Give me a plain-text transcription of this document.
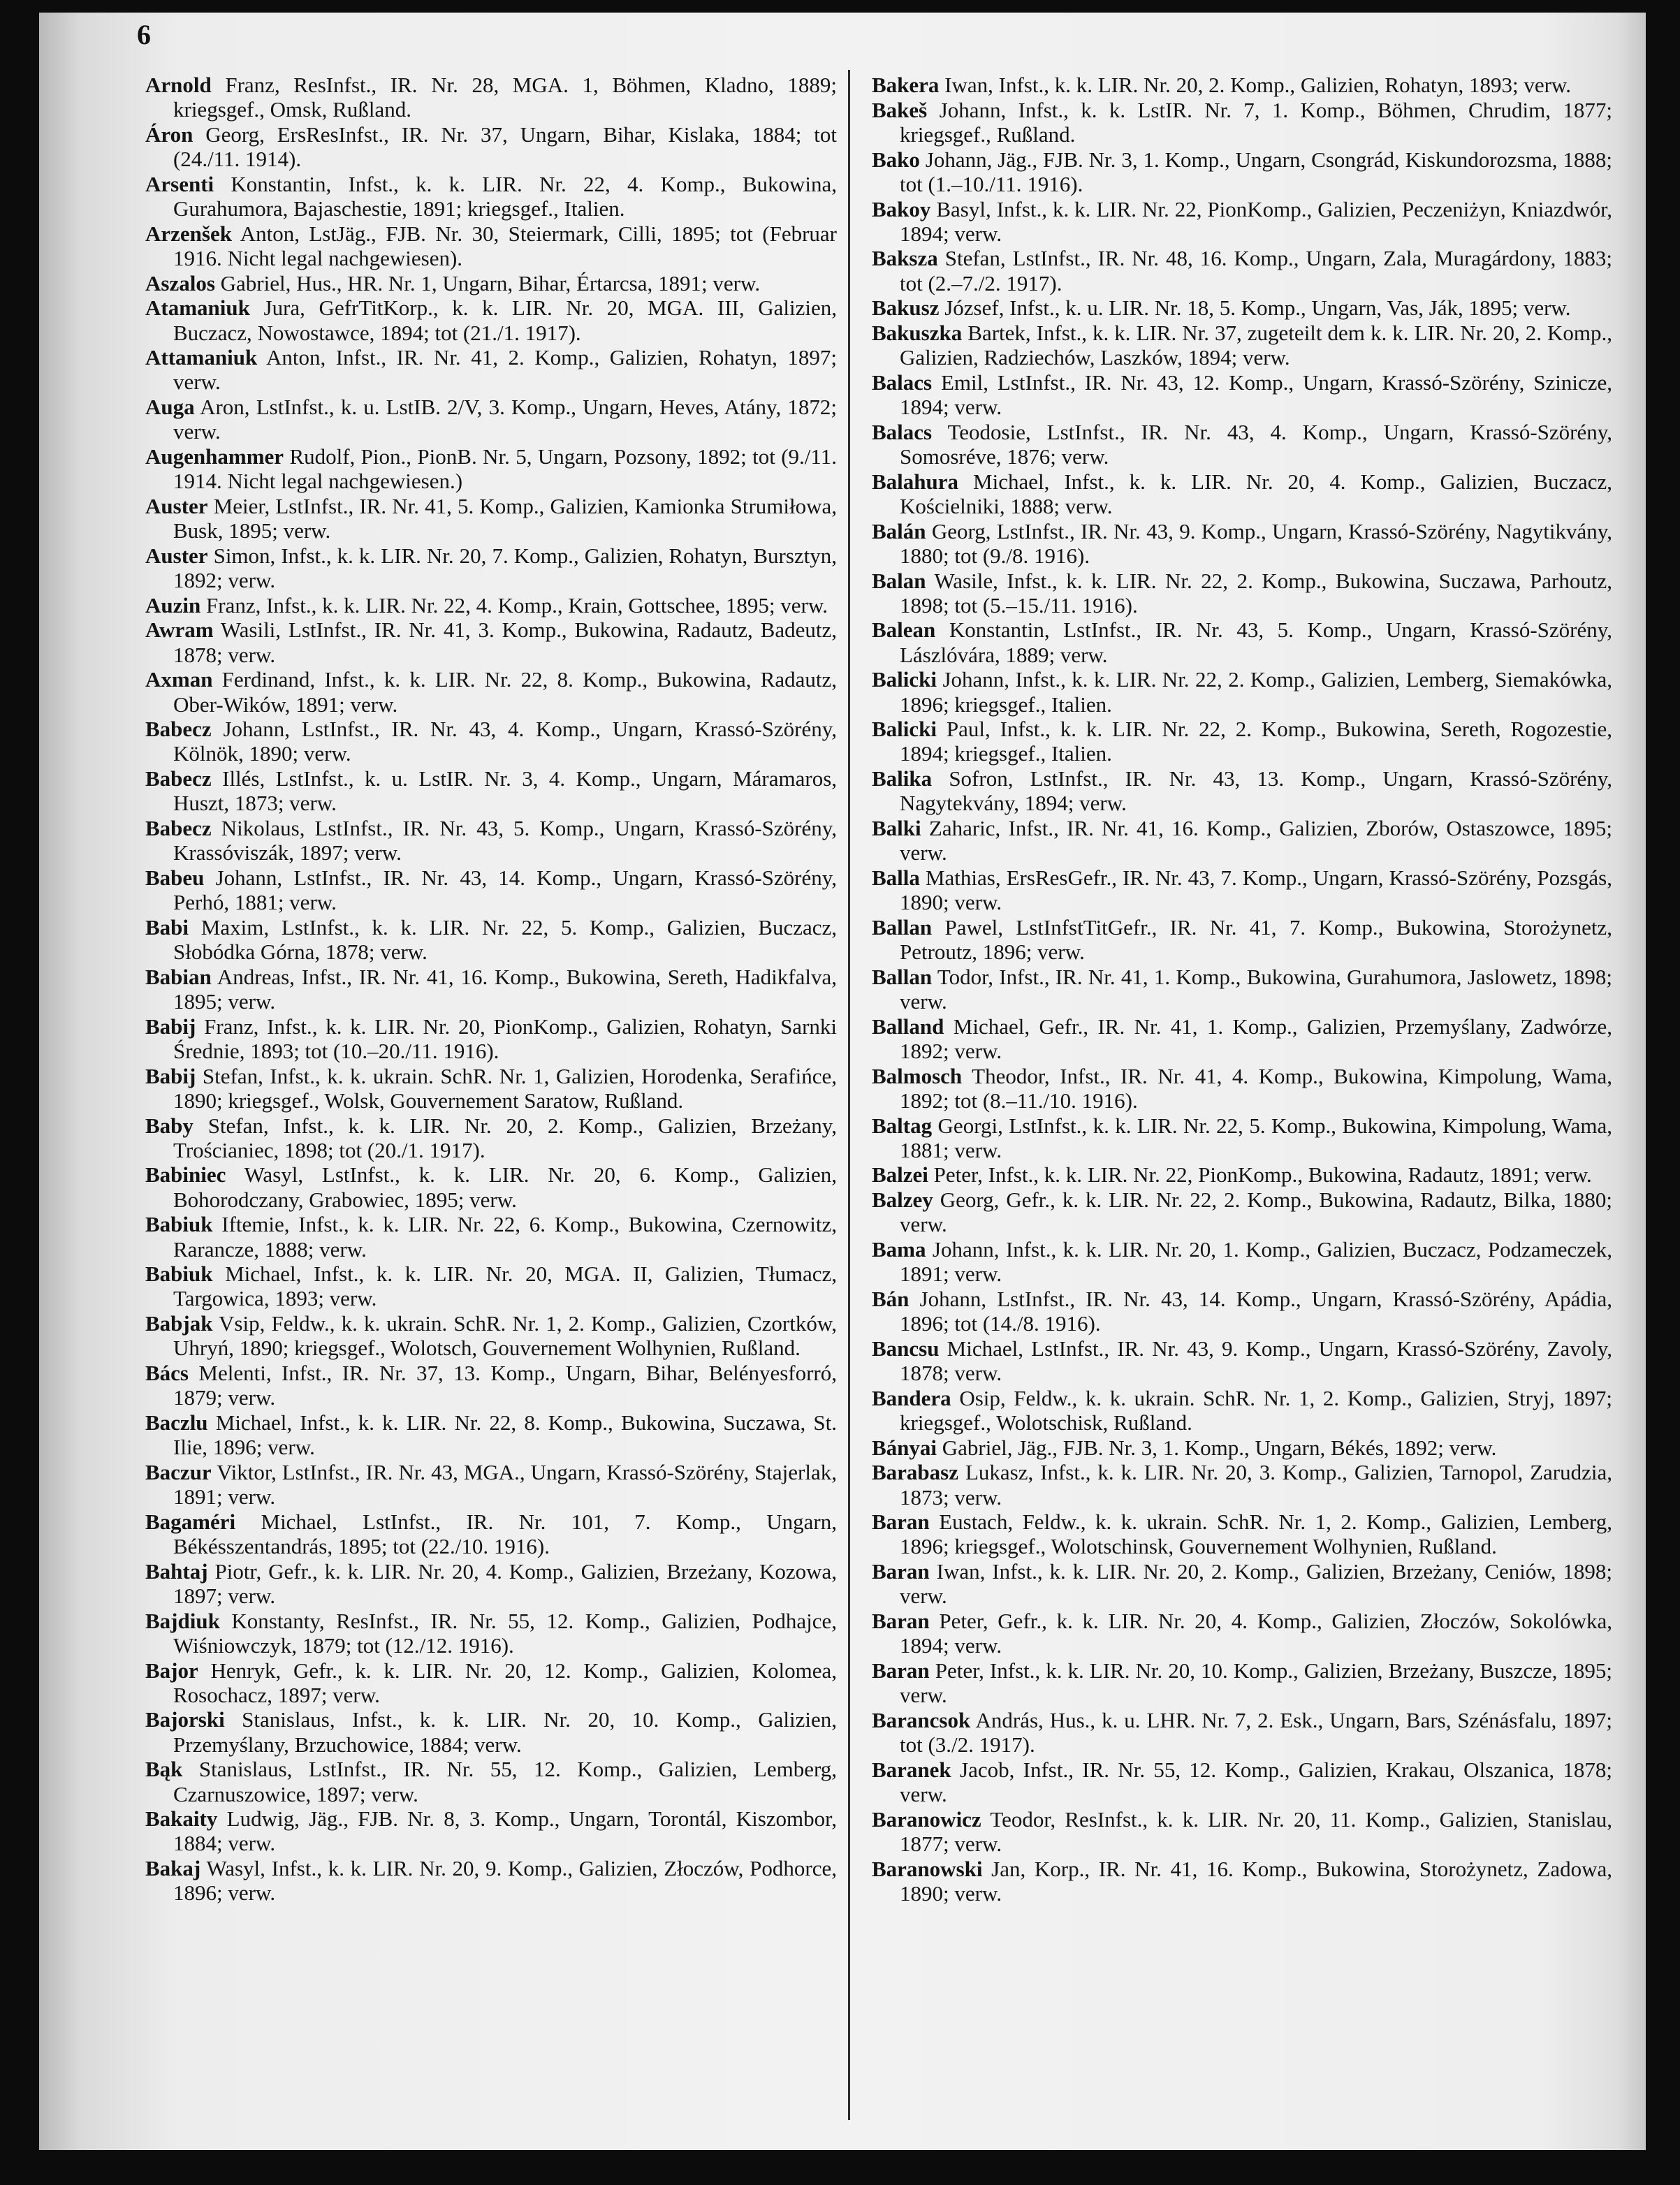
6

Arnold Franz, ResInfst., IR. Nr. 28, MGA. 1, Böhmen, Kladno, 1889; kriegsgef., Omsk, Rußland.

Áron Georg, ErsResInfst., IR. Nr. 37, Ungarn, Bihar, Kislaka, 1884; tot (24./11. 1914).

Arsenti Konstantin, Infst., k. k. LIR. Nr. 22, 4. Komp., Bukowina, Gurahumora, Bajaschestie, 1891; kriegsgef., Italien.

Arzenšek Anton, LstJäg., FJB. Nr. 30, Steiermark, Cilli, 1895; tot (Februar 1916. Nicht legal nachgewiesen).

Aszalos Gabriel, Hus., HR. Nr. 1, Ungarn, Bihar, Értarcsa, 1891; verw.

Atamaniuk Jura, GefrTitKorp., k. k. LIR. Nr. 20, MGA. III, Galizien, Buczacz, Nowostawce, 1894; tot (21./1. 1917).

Attamaniuk Anton, Infst., IR. Nr. 41, 2. Komp., Galizien, Rohatyn, 1897; verw.

Auga Aron, LstInfst., k. u. LstIB. 2/V, 3. Komp., Ungarn, Heves, Atány, 1872; verw.

Augenhammer Rudolf, Pion., PionB. Nr. 5, Ungarn, Pozsony, 1892; tot (9./11. 1914. Nicht legal nachgewiesen.)

Auster Meier, LstInfst., IR. Nr. 41, 5. Komp., Galizien, Kamionka Strumiłowa, Busk, 1895; verw.

Auster Simon, Infst., k. k. LIR. Nr. 20, 7. Komp., Galizien, Rohatyn, Bursztyn, 1892; verw.

Auzin Franz, Infst., k. k. LIR. Nr. 22, 4. Komp., Krain, Gottschee, 1895; verw.

Awram Wasili, LstInfst., IR. Nr. 41, 3. Komp., Bukowina, Radautz, Badeutz, 1878; verw.

Axman Ferdinand, Infst., k. k. LIR. Nr. 22, 8. Komp., Bukowina, Radautz, Ober-Wików, 1891; verw.

Babecz Johann, LstInfst., IR. Nr. 43, 4. Komp., Ungarn, Krassó-Szörény, Kölnök, 1890; verw.

Babecz Illés, LstInfst., k. u. LstIR. Nr. 3, 4. Komp., Ungarn, Máramaros, Huszt, 1873; verw.

Babecz Nikolaus, LstInfst., IR. Nr. 43, 5. Komp., Ungarn, Krassó-Szörény, Krassóviszák, 1897; verw.

Babeu Johann, LstInfst., IR. Nr. 43, 14. Komp., Ungarn, Krassó-Szörény, Perhó, 1881; verw.

Babi Maxim, LstInfst., k. k. LIR. Nr. 22, 5. Komp., Galizien, Buczacz, Słobódka Górna, 1878; verw.

Babian Andreas, Infst., IR. Nr. 41, 16. Komp., Bukowina, Sereth, Hadikfalva, 1895; verw.

Babij Franz, Infst., k. k. LIR. Nr. 20, PionKomp., Galizien, Rohatyn, Sarnki Średnie, 1893; tot (10.–20./11. 1916).

Babij Stefan, Infst., k. k. ukrain. SchR. Nr. 1, Galizien, Horodenka, Serafińce, 1890; kriegsgef., Wolsk, Gouvernement Saratow, Rußland.

Baby Stefan, Infst., k. k. LIR. Nr. 20, 2. Komp., Galizien, Brzeżany, Trościaniec, 1898; tot (20./1. 1917).

Babiniec Wasyl, LstInfst., k. k. LIR. Nr. 20, 6. Komp., Galizien, Bohorodczany, Grabowiec, 1895; verw.

Babiuk Iftemie, Infst., k. k. LIR. Nr. 22, 6. Komp., Bukowina, Czernowitz, Rarancze, 1888; verw.

Babiuk Michael, Infst., k. k. LIR. Nr. 20, MGA. II, Galizien, Tłumacz, Targowica, 1893; verw.

Babjak Vsip, Feldw., k. k. ukrain. SchR. Nr. 1, 2. Komp., Galizien, Czortków, Uhryń, 1890; kriegsgef., Wolotsch, Gouvernement Wolhynien, Rußland.

Bács Melenti, Infst., IR. Nr. 37, 13. Komp., Ungarn, Bihar, Belényesforró, 1879; verw.

Baczlu Michael, Infst., k. k. LIR. Nr. 22, 8. Komp., Bukowina, Suczawa, St. Ilie, 1896; verw.

Baczur Viktor, LstInfst., IR. Nr. 43, MGA., Ungarn, Krassó-Szörény, Stajerlak, 1891; verw.

Bagaméri Michael, LstInfst., IR. Nr. 101, 7. Komp., Ungarn, Békésszentandrás, 1895; tot (22./10. 1916).

Bahtaj Piotr, Gefr., k. k. LIR. Nr. 20, 4. Komp., Galizien, Brzeżany, Kozowa, 1897; verw.

Bajdiuk Konstanty, ResInfst., IR. Nr. 55, 12. Komp., Galizien, Podhajce, Wiśniowczyk, 1879; tot (12./12. 1916).

Bajor Henryk, Gefr., k. k. LIR. Nr. 20, 12. Komp., Galizien, Kolomea, Rosochacz, 1897; verw.

Bajorski Stanislaus, Infst., k. k. LIR. Nr. 20, 10. Komp., Galizien, Przemyślany, Brzuchowice, 1884; verw.

Bąk Stanislaus, LstInfst., IR. Nr. 55, 12. Komp., Galizien, Lemberg, Czarnuszowice, 1897; verw.

Bakaity Ludwig, Jäg., FJB. Nr. 8, 3. Komp., Ungarn, Torontál, Kiszombor, 1884; verw.

Bakaj Wasyl, Infst., k. k. LIR. Nr. 20, 9. Komp., Galizien, Złoczów, Podhorce, 1896; verw.

Bakera Iwan, Infst., k. k. LIR. Nr. 20, 2. Komp., Galizien, Rohatyn, 1893; verw.

Bakeš Johann, Infst., k. k. LstIR. Nr. 7, 1. Komp., Böhmen, Chrudim, 1877; kriegsgef., Rußland.

Bako Johann, Jäg., FJB. Nr. 3, 1. Komp., Ungarn, Csongrád, Kiskundorozsma, 1888; tot (1.–10./11. 1916).

Bakoy Basyl, Infst., k. k. LIR. Nr. 22, PionKomp., Galizien, Peczeniżyn, Kniazdwór, 1894; verw.

Baksza Stefan, LstInfst., IR. Nr. 48, 16. Komp., Ungarn, Zala, Muragárdony, 1883; tot (2.–7./2. 1917).

Bakusz József, Infst., k. u. LIR. Nr. 18, 5. Komp., Ungarn, Vas, Ják, 1895; verw.

Bakuszka Bartek, Infst., k. k. LIR. Nr. 37, zugeteilt dem k. k. LIR. Nr. 20, 2. Komp., Galizien, Radziechów, Laszków, 1894; verw.

Balacs Emil, LstInfst., IR. Nr. 43, 12. Komp., Ungarn, Krassó-Szörény, Szinicze, 1894; verw.

Balacs Teodosie, LstInfst., IR. Nr. 43, 4. Komp., Ungarn, Krassó-Szörény, Somosréve, 1876; verw.

Balahura Michael, Infst., k. k. LIR. Nr. 20, 4. Komp., Galizien, Buczacz, Kościelniki, 1888; verw.

Balán Georg, LstInfst., IR. Nr. 43, 9. Komp., Ungarn, Krassó-Szörény, Nagytikvány, 1880; tot (9./8. 1916).

Balan Wasile, Infst., k. k. LIR. Nr. 22, 2. Komp., Bukowina, Suczawa, Parhoutz, 1898; tot (5.–15./11. 1916).

Balean Konstantin, LstInfst., IR. Nr. 43, 5. Komp., Ungarn, Krassó-Szörény, Lászlóvára, 1889; verw.

Balicki Johann, Infst., k. k. LIR. Nr. 22, 2. Komp., Galizien, Lemberg, Siemakówka, 1896; kriegsgef., Italien.

Balicki Paul, Infst., k. k. LIR. Nr. 22, 2. Komp., Bukowina, Sereth, Rogozestie, 1894; kriegsgef., Italien.

Balika Sofron, LstInfst., IR. Nr. 43, 13. Komp., Ungarn, Krassó-Szörény, Nagytekvány, 1894; verw.

Balki Zaharic, Infst., IR. Nr. 41, 16. Komp., Galizien, Zborów, Ostaszowce, 1895; verw.

Balla Mathias, ErsResGefr., IR. Nr. 43, 7. Komp., Ungarn, Krassó-Szörény, Pozsgás, 1890; verw.

Ballan Pawel, LstInfstTitGefr., IR. Nr. 41, 7. Komp., Bukowina, Storożynetz, Petroutz, 1896; verw.

Ballan Todor, Infst., IR. Nr. 41, 1. Komp., Bukowina, Gurahumora, Jaslowetz, 1898; verw.

Balland Michael, Gefr., IR. Nr. 41, 1. Komp., Galizien, Przemyślany, Zadwórze, 1892; verw.

Balmosch Theodor, Infst., IR. Nr. 41, 4. Komp., Bukowina, Kimpolung, Wama, 1892; tot (8.–11./10. 1916).

Baltag Georgi, LstInfst., k. k. LIR. Nr. 22, 5. Komp., Bukowina, Kimpolung, Wama, 1881; verw.

Balzei Peter, Infst., k. k. LIR. Nr. 22, PionKomp., Bukowina, Radautz, 1891; verw.

Balzey Georg, Gefr., k. k. LIR. Nr. 22, 2. Komp., Bukowina, Radautz, Bilka, 1880; verw.

Bama Johann, Infst., k. k. LIR. Nr. 20, 1. Komp., Galizien, Buczacz, Podzameczek, 1891; verw.

Bán Johann, LstInfst., IR. Nr. 43, 14. Komp., Ungarn, Krassó-Szörény, Apádia, 1896; tot (14./8. 1916).

Bancsu Michael, LstInfst., IR. Nr. 43, 9. Komp., Ungarn, Krassó-Szörény, Zavoly, 1878; verw.

Bandera Osip, Feldw., k. k. ukrain. SchR. Nr. 1, 2. Komp., Galizien, Stryj, 1897; kriegsgef., Wolotschisk, Rußland.

Bányai Gabriel, Jäg., FJB. Nr. 3, 1. Komp., Ungarn, Békés, 1892; verw.

Barabasz Lukasz, Infst., k. k. LIR. Nr. 20, 3. Komp., Galizien, Tarnopol, Zarudzia, 1873; verw.

Baran Eustach, Feldw., k. k. ukrain. SchR. Nr. 1, 2. Komp., Galizien, Lemberg, 1896; kriegsgef., Wolotschinsk, Gouvernement Wolhynien, Rußland.

Baran Iwan, Infst., k. k. LIR. Nr. 20, 2. Komp., Galizien, Brzeżany, Ceniów, 1898; verw.

Baran Peter, Gefr., k. k. LIR. Nr. 20, 4. Komp., Galizien, Złoczów, Sokolówka, 1894; verw.

Baran Peter, Infst., k. k. LIR. Nr. 20, 10. Komp., Galizien, Brzeżany, Buszcze, 1895; verw.

Barancsok András, Hus., k. u. LHR. Nr. 7, 2. Esk., Ungarn, Bars, Szénásfalu, 1897; tot (3./2. 1917).

Baranek Jacob, Infst., IR. Nr. 55, 12. Komp., Galizien, Krakau, Olszanica, 1878; verw.

Baranowicz Teodor, ResInfst., k. k. LIR. Nr. 20, 11. Komp., Galizien, Stanislau, 1877; verw.

Baranowski Jan, Korp., IR. Nr. 41, 16. Komp., Bukowina, Storożynetz, Zadowa, 1890; verw.
